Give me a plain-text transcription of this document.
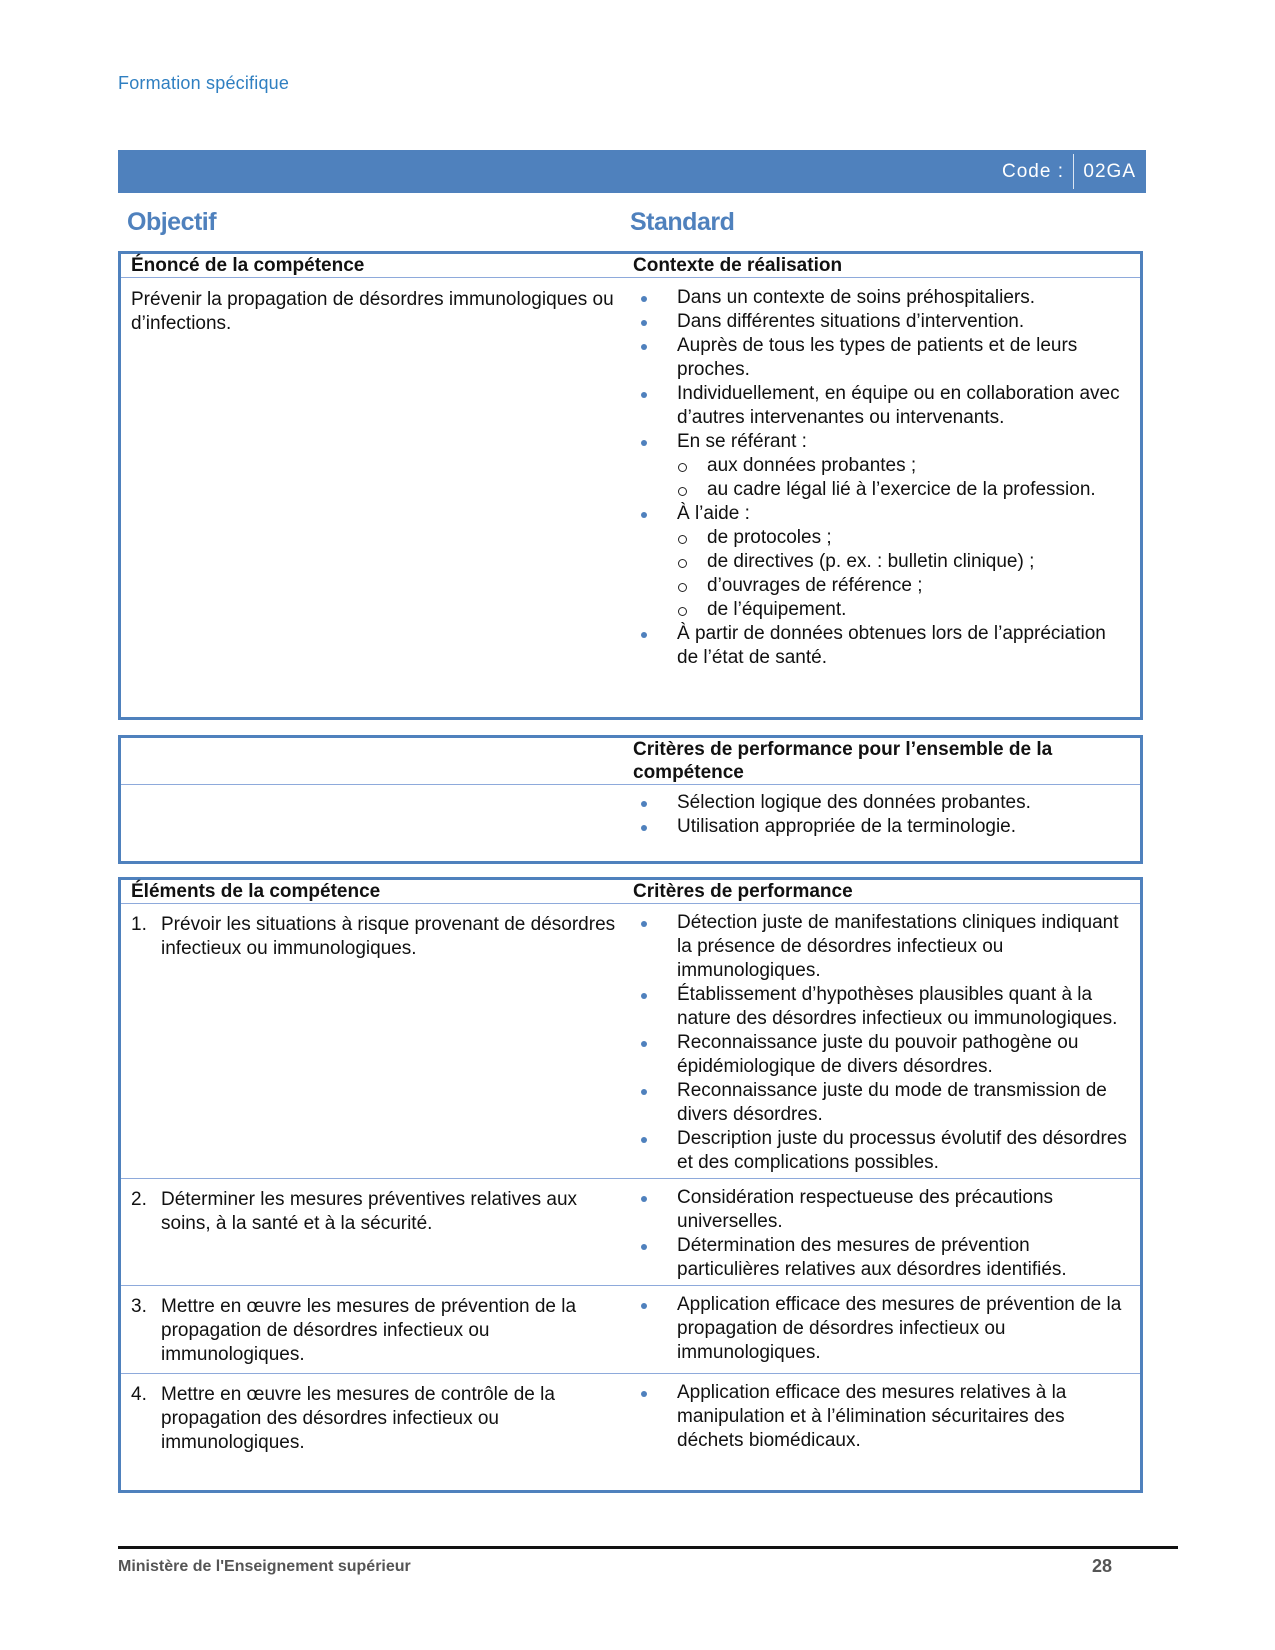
Formation spécifique
Code : 02GA
Objectif	Standard
Énoncé de la compétence	Contexte de réalisation
Prévenir la propagation de désordres immunologiques ou d’infections.
Dans un contexte de soins préhospitaliers.
Dans différentes situations d’intervention.
Auprès de tous les types de patients et de leurs proches.
Individuellement, en équipe ou en collaboration avec d’autres intervenantes ou intervenants.
En se référant :
aux données probantes ;
au cadre légal lié à l’exercice de la profession.
À l’aide :
de protocoles ;
de directives (p. ex. : bulletin clinique) ;
d’ouvrages de référence ;
de l’équipement.
À partir de données obtenues lors de l’appréciation de l’état de santé.
Critères de performance pour l’ensemble de la compétence
Sélection logique des données probantes.
Utilisation appropriée de la terminologie.
Éléments de la compétence	Critères de performance
1. Prévoir les situations à risque provenant de désordres infectieux ou immunologiques.
Détection juste de manifestations cliniques indiquant la présence de désordres infectieux ou immunologiques.
Établissement d’hypothèses plausibles quant à la nature des désordres infectieux ou immunologiques.
Reconnaissance juste du pouvoir pathogène ou épidémiologique de divers désordres.
Reconnaissance juste du mode de transmission de divers désordres.
Description juste du processus évolutif des désordres et des complications possibles.
2. Déterminer les mesures préventives relatives aux soins, à la santé et à la sécurité.
Considération respectueuse des précautions universelles.
Détermination des mesures de prévention particulières relatives aux désordres identifiés.
3. Mettre en œuvre les mesures de prévention de la propagation de désordres infectieux ou immunologiques.
Application efficace des mesures de prévention de la propagation de désordres infectieux ou immunologiques.
4. Mettre en œuvre les mesures de contrôle de la propagation des désordres infectieux ou immunologiques.
Application efficace des mesures relatives à la manipulation et à l’élimination sécuritaires des déchets biomédicaux.
Ministère de l'Enseignement supérieur	28
